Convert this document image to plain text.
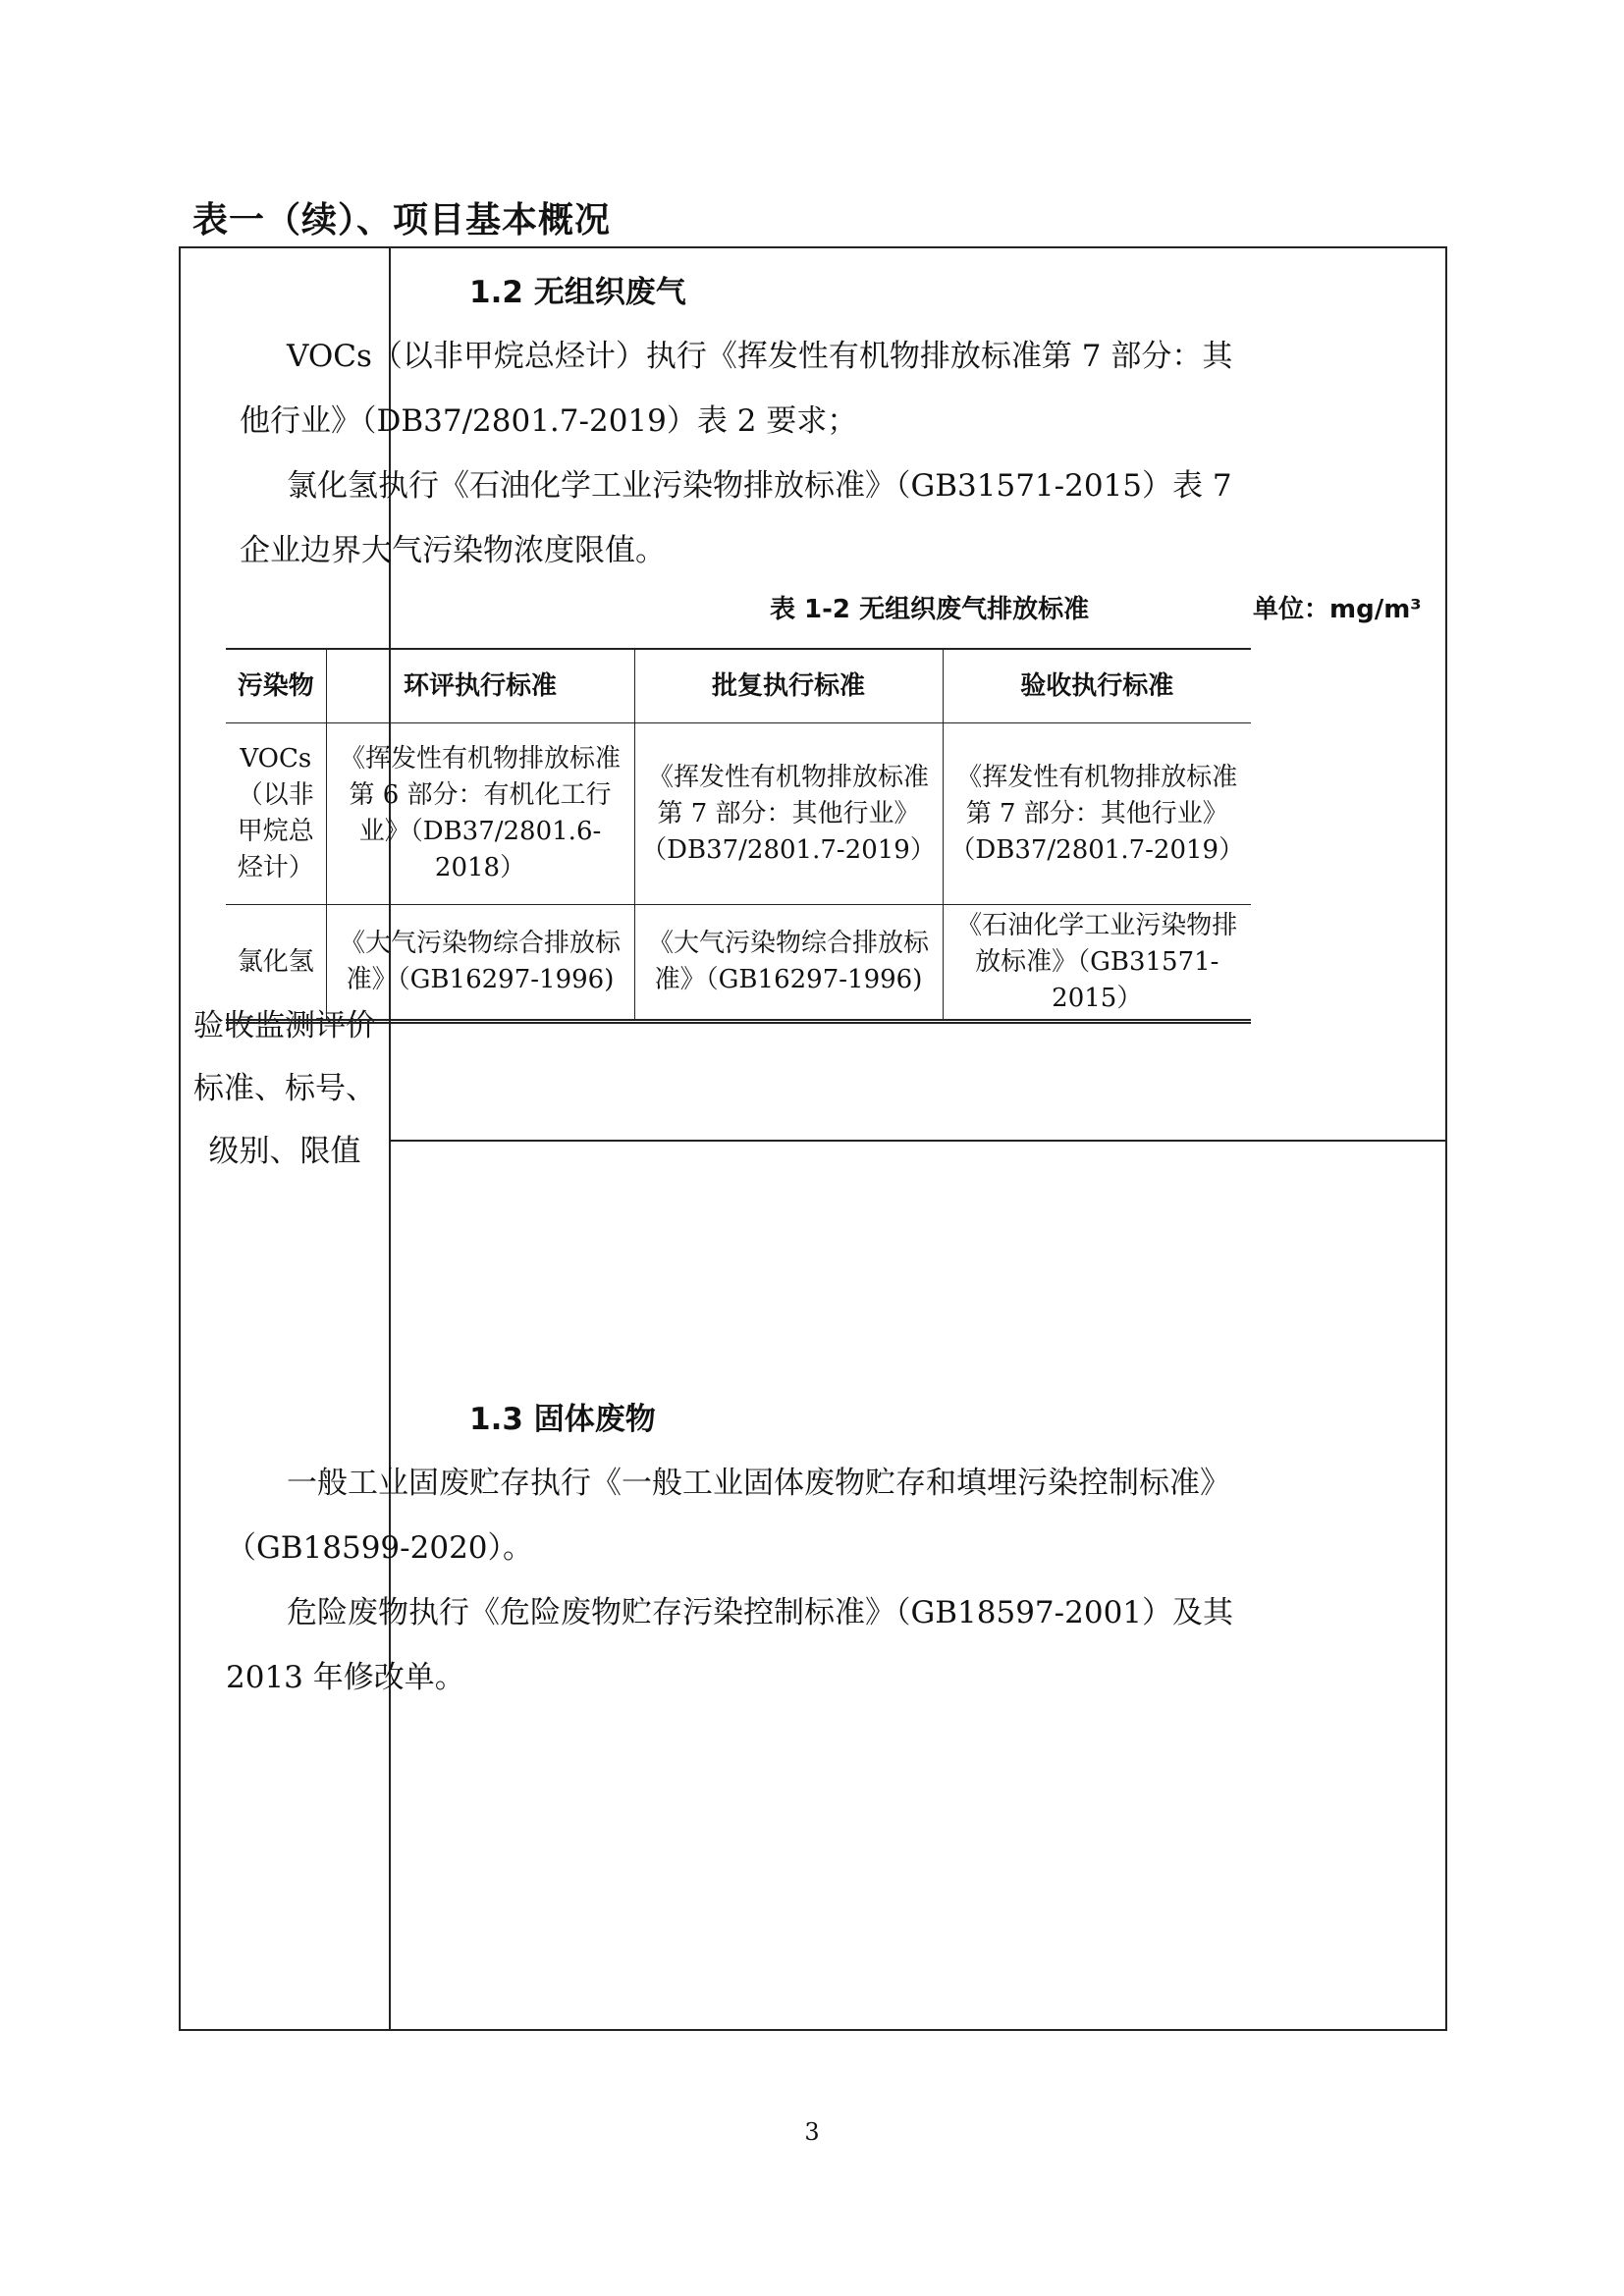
表一（续）、项目基本概况
验收监测评价标准、标号、级别、限值

1.2 无组织废气

VOCs（以非甲烷总烃计）执行《挥发性有机物排放标准第 7 部分：其他行业》（DB37/2801.7-2019）表 2 要求；

氯化氢执行《石油化学工业污染物排放标准》（GB31571-2015）表 7 企业边界大气污染物浓度限值。

表 1-2 无组织废气排放标准	单位：mg/m³
污染物	环评执行标准	批复执行标准	验收执行标准
VOCs（以非甲烷总烃计）	《挥发性有机物排放标准第 6 部分：有机化工行业》（DB37/2801.6-2018）	《挥发性有机物排放标准第 7 部分：其他行业》（DB37/2801.7-2019）	《挥发性有机物排放标准第 7 部分：其他行业》（DB37/2801.7-2019）
氯化氢	《大气污染物综合排放标准》（GB16297-1996)	《大气污染物综合排放标准》（GB16297-1996)	《石油化学工业污染物排放标准》（GB31571-2015）

1.3 固体废物

一般工业固废贮存执行《一般工业固体废物贮存和填埋污染控制标准》（GB18599-2020）。

危险废物执行《危险废物贮存污染控制标准》（GB18597-2001）及其 2013 年修改单。

3
